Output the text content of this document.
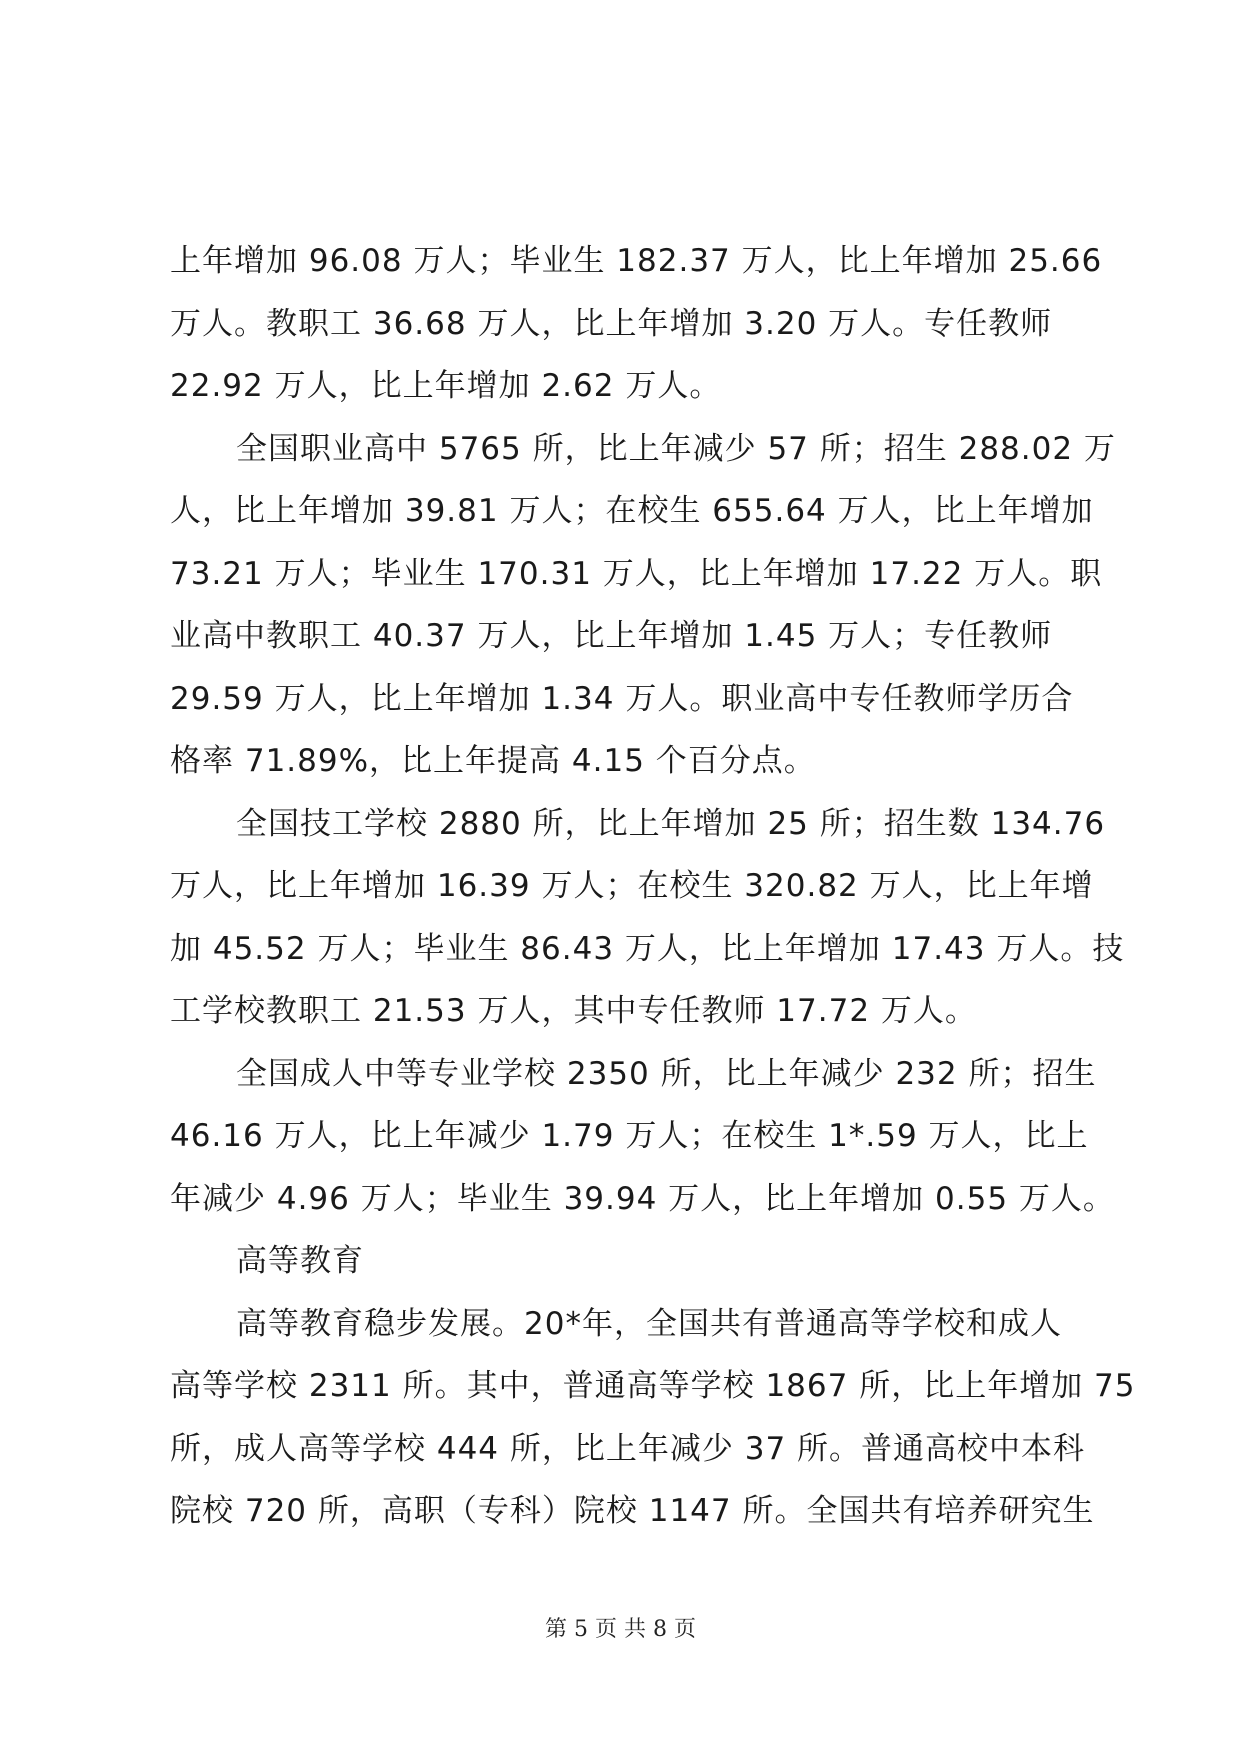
上年增加 96.08 万人；毕业生 182.37 万人，比上年增加 25.66
万人。教职工 36.68 万人，比上年增加 3.20 万人。专任教师
22.92 万人，比上年增加 2.62 万人。
全国职业高中 5765 所，比上年减少 57 所；招生 288.02 万
人，比上年增加 39.81 万人；在校生 655.64 万人，比上年增加
73.21 万人；毕业生 170.31 万人，比上年增加 17.22 万人。职
业高中教职工 40.37 万人，比上年增加 1.45 万人；专任教师
29.59 万人，比上年增加 1.34 万人。职业高中专任教师学历合
格率 71.89%，比上年提高 4.15 个百分点。
全国技工学校 2880 所，比上年增加 25 所；招生数 134.76
万人，比上年增加 16.39 万人；在校生 320.82 万人，比上年增
加 45.52 万人；毕业生 86.43 万人，比上年增加 17.43 万人。技
工学校教职工 21.53 万人，其中专任教师 17.72 万人。
全国成人中等专业学校 2350 所，比上年减少 232 所；招生
46.16 万人，比上年减少 1.79 万人；在校生 1*.59 万人，比上
年减少 4.96 万人；毕业生 39.94 万人，比上年增加 0.55 万人。
高等教育
高等教育稳步发展。20*年，全国共有普通高等学校和成人
高等学校 2311 所。其中，普通高等学校 1867 所，比上年增加 75
所，成人高等学校 444 所，比上年减少 37 所。普通高校中本科
院校 720 所，高职（专科）院校 1147 所。全国共有培养研究生
第 5 页 共 8 页
